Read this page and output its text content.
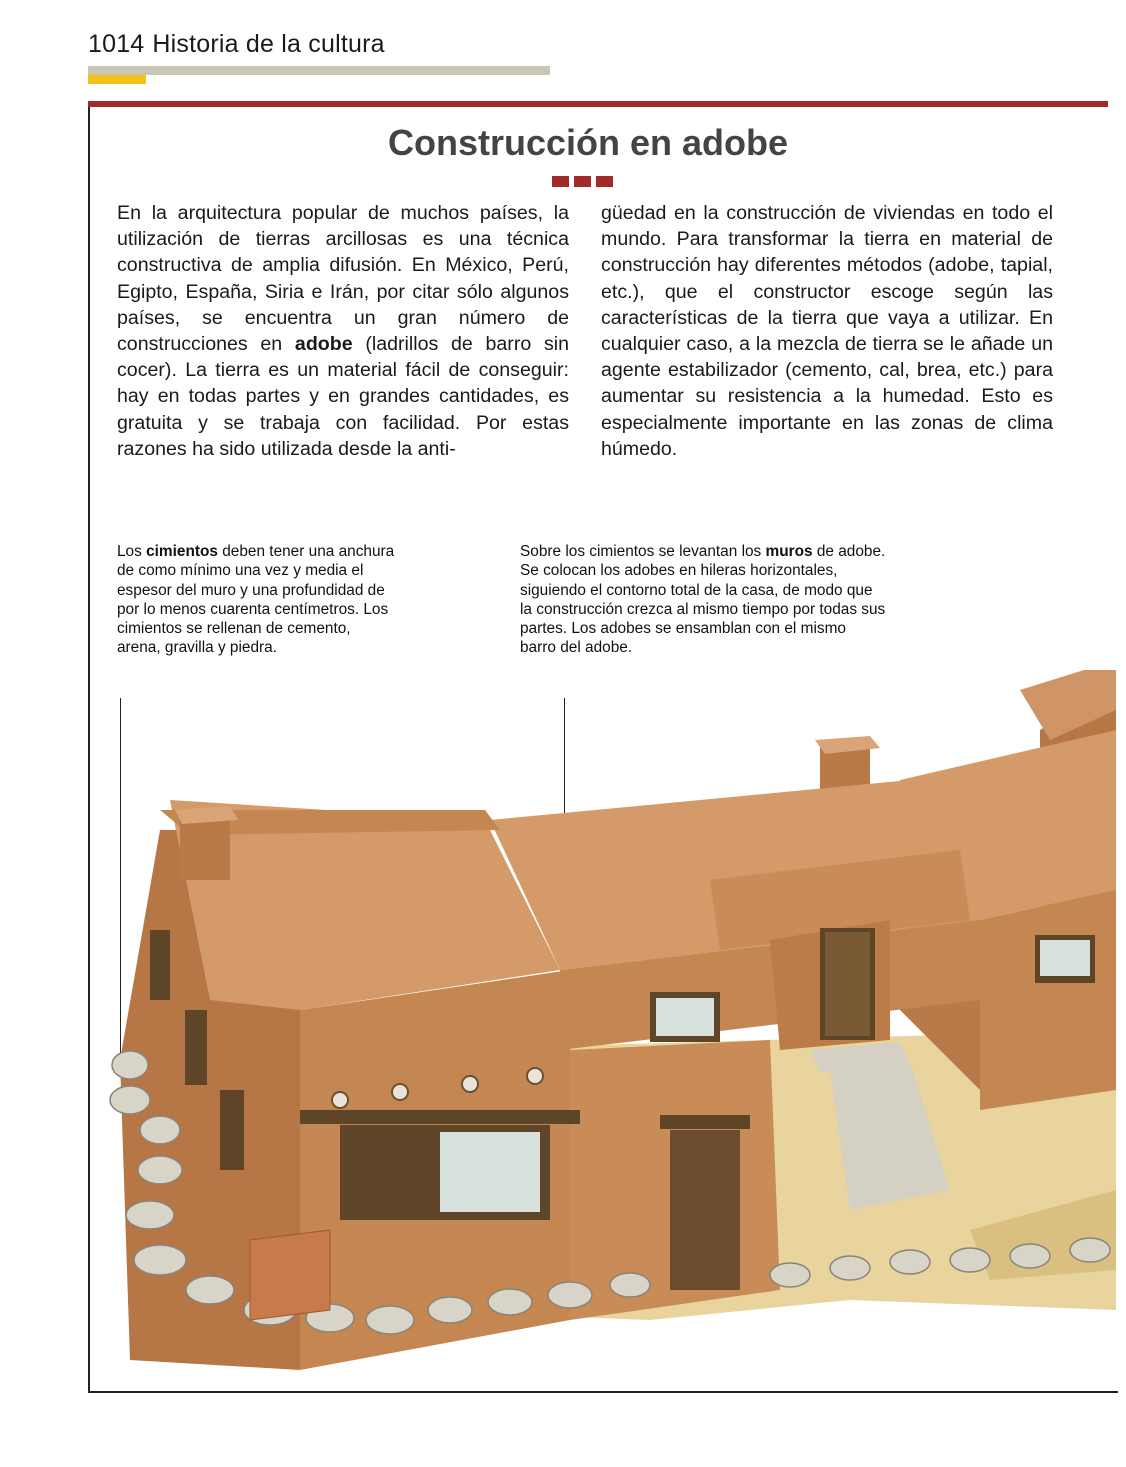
1014 Historia de la cultura
Construcción en adobe

En la arquitectura popular de muchos países, la utilización de tierras arcillosas es una técnica constructiva de amplia difusión. En México, Perú, Egipto, España, Siria e Irán, por citar sólo algunos países, se encuentra un gran número de construcciones en adobe (ladrillos de barro sin cocer). La tierra es un material fácil de conseguir: hay en todas partes y en grandes cantidades, es gratuita y se trabaja con facilidad. Por estas razones ha sido utilizada desde la anti-

güedad en la construcción de viviendas en todo el mundo. Para transformar la tierra en material de construcción hay diferentes métodos (adobe, tapial, etc.), que el constructor escoge según las características de la tierra que vaya a utilizar. En cualquier caso, a la mezcla de tierra se le añade un agente estabilizador (cemento, cal, brea, etc.) para aumentar su resistencia a la humedad. Esto es especialmente importante en las zonas de clima húmedo.

Los cimientos deben tener una anchura de como mínimo una vez y media el espesor del muro y una profundidad de por lo menos cuarenta centímetros. Los cimientos se rellenan de cemento, arena, gravilla y piedra.

Sobre los cimientos se levantan los muros de adobe. Se colocan los adobes en hileras horizontales, siguiendo el contorno total de la casa, de modo que la construcción crezca al mismo tiempo por todas sus partes. Los adobes se ensamblan con el mismo barro del adobe.
